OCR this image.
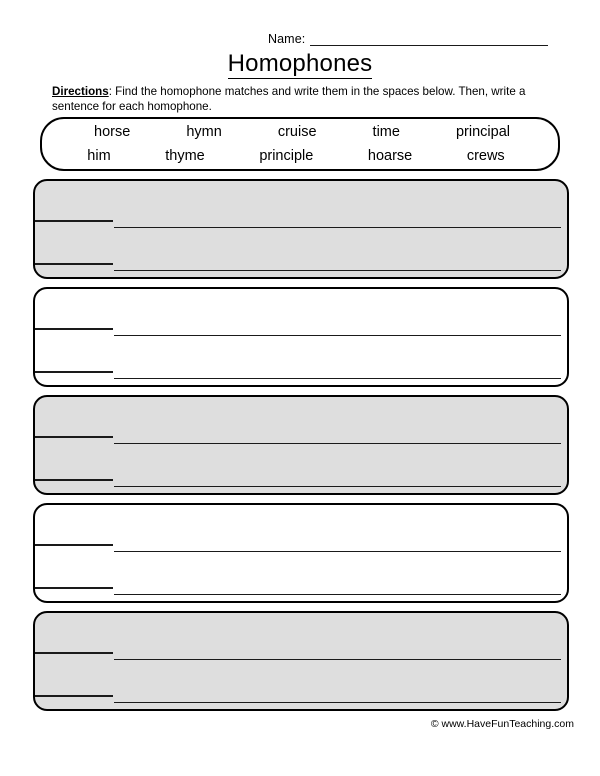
Name:
Homophones
Directions: Find the homophone matches and write them in the spaces below. Then, write a sentence for each homophone.
horse	hymn	cruise	time	principal
him	thyme	principle	hoarse	crews
© www.HaveFunTeaching.com
